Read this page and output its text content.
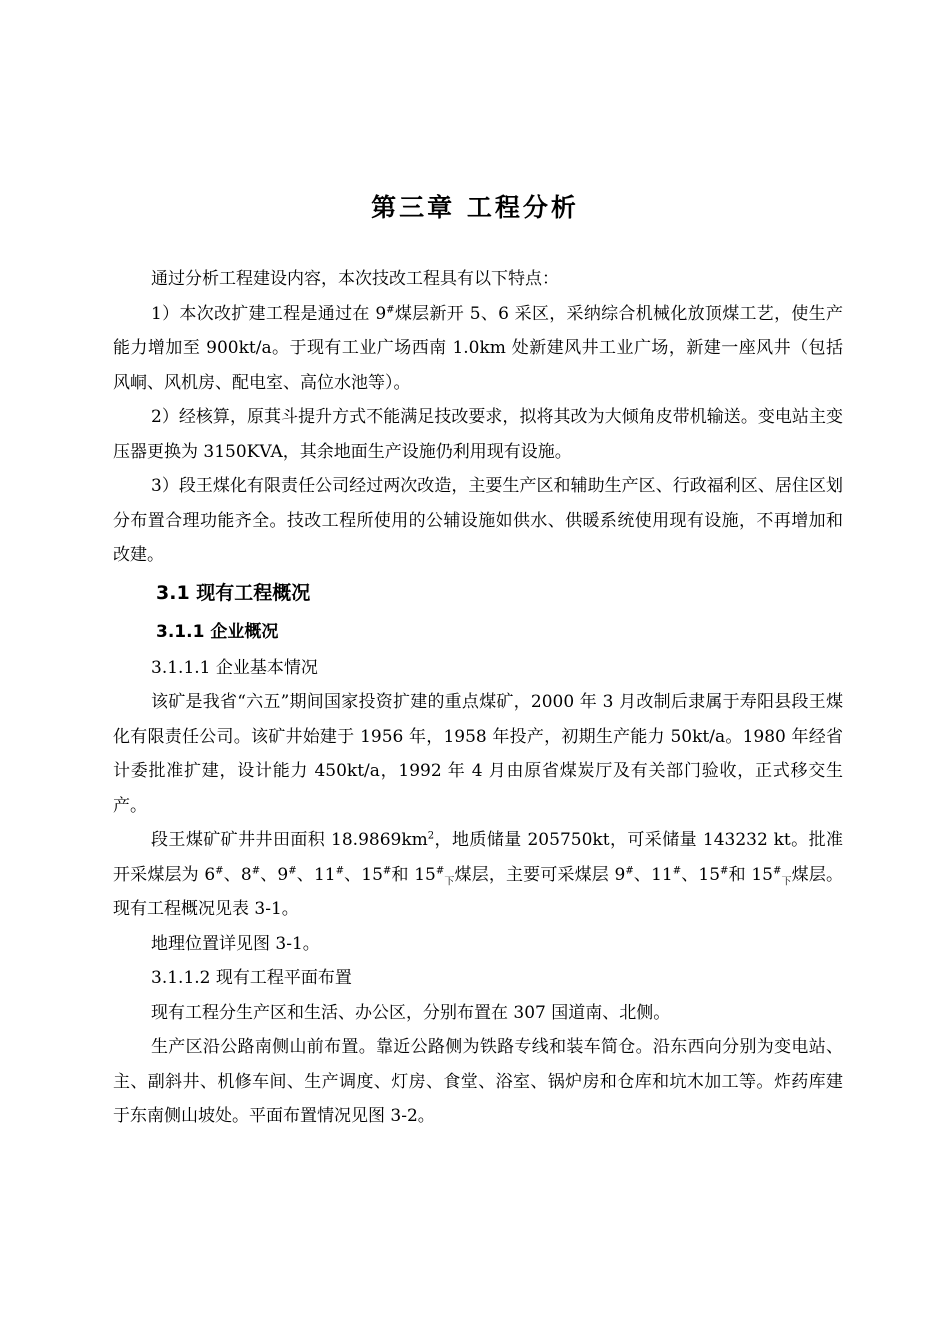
第三章 工程分析

通过分析工程建设内容，本次技改工程具有以下特点：

1）本次改扩建工程是通过在 9#煤层新开 5、6 采区，采纳综合机械化放顶煤工艺，使生产能力增加至 900kt/a。于现有工业广场西南 1.0km 处新建风井工业广场，新建一座风井（包括风峒、风机房、配电室、高位水池等）。

2）经核算，原萁斗提升方式不能满足技改要求，拟将其改为大倾角皮带机输送。变电站主变压器更换为 3150KVA，其余地面生产设施仍利用现有设施。

3）段王煤化有限责任公司经过两次改造，主要生产区和辅助生产区、行政福利区、居住区划分布置合理功能齐全。技改工程所使用的公辅设施如供水、供暖系统使用现有设施，不再增加和改建。

3.1 现有工程概况

3.1.1 企业概况

3.1.1.1 企业基本情况

该矿是我省“六五”期间国家投资扩建的重点煤矿，2000 年 3 月改制后隶属于寿阳县段王煤化有限责任公司。该矿井始建于 1956 年，1958 年投产，初期生产能力 50kt/a。1980 年经省计委批准扩建，设计能力 450kt/a，1992 年 4 月由原省煤炭厅及有关部门验收，正式移交生产。

段王煤矿矿井井田面积 $18.9869km^2$，地质储量 205750kt，可采储量 143232 kt。批准开采煤层为 6#、8#、9#、11#、15#和 $15^{\#}_下$煤层，主要可采煤层 9#、11#、15#和 $15^{\#}_下$煤层。现有工程概况见表 3-1。

地理位置详见图 3-1。

3.1.1.2 现有工程平面布置

现有工程分生产区和生活、办公区，分别布置在 307 国道南、北侧。

生产区沿公路南侧山前布置。靠近公路侧为铁路专线和装车简仓。沿东西向分别为变电站、主、副斜井、机修车间、生产调度、灯房、食堂、浴室、锅炉房和仓库和坑木加工等。炸药库建于东南侧山坡处。平面布置情况见图 3-2。
